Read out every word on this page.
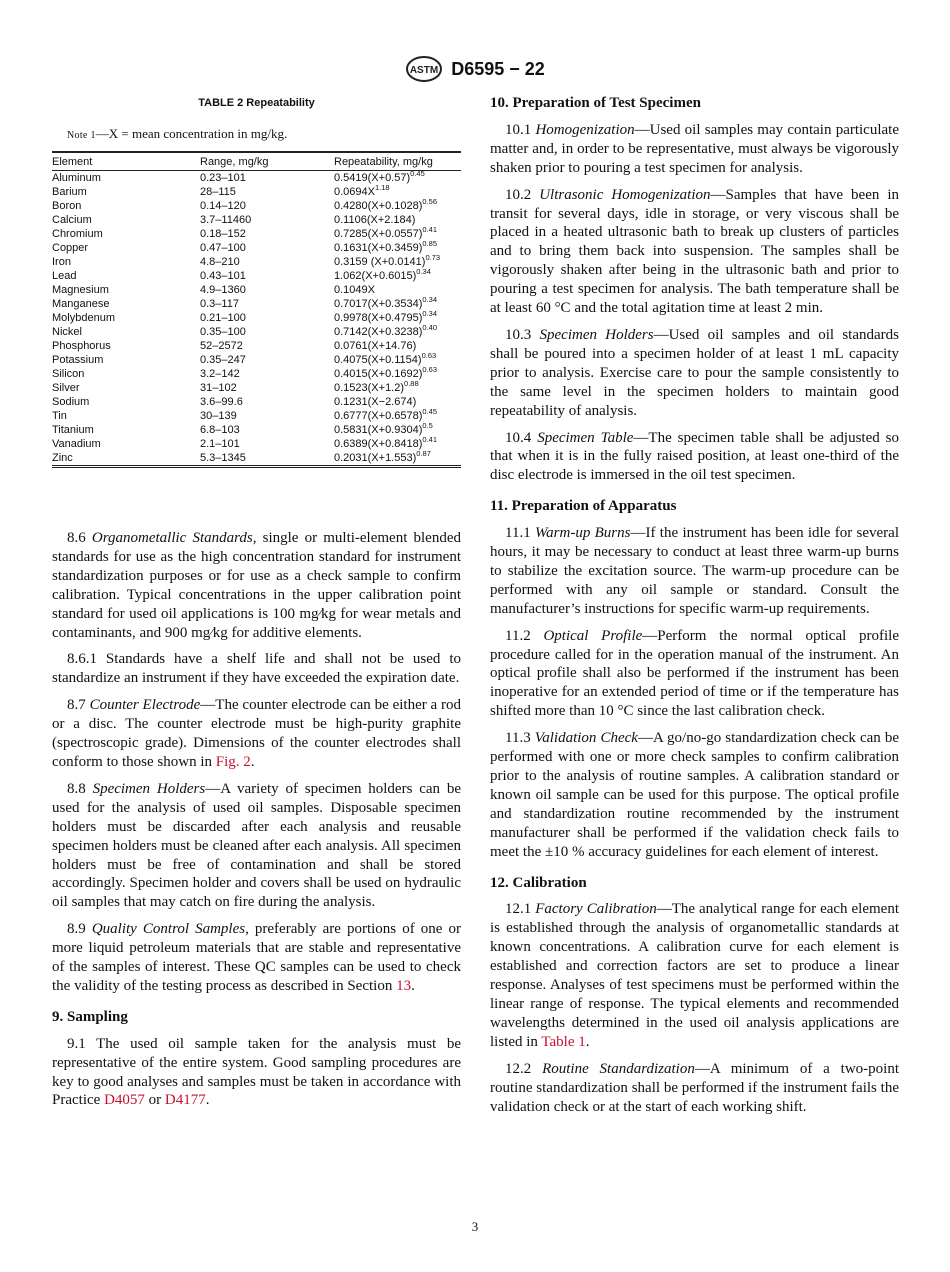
ASTM D6595 − 22
TABLE 2 Repeatability
Note 1—X = mean concentration in mg/kg.
Element	Range, mg/kg	Repeatability, mg/kg
Aluminum	0.23–101	$0.5419(X+0.57)^{0.45}$
Barium	28–115	$0.0694X^{1.18}$
Boron	0.14–120	$0.4280(X+0.1028)^{0.56}$
Calcium	3.7–11460	0.1106(X+2.184)
Chromium	0.18–152	$0.7285(X+0.0557)^{0.41}$
Copper	0.47–100	$0.1631(X+0.3459)^{0.85}$
Iron	4.8–210	0.3159 $(X+0.0141)^{0.73}$
Lead	0.43–101	$1.062(X+0.6015)^{0.34}$
Magnesium	4.9–1360	0.1049X
Manganese	0.3–117	$0.7017(X+0.3534)^{0.34}$
Molybdenum	0.21–100	$0.9978(X+0.4795)^{0.34}$
Nickel	0.35–100	$0.7142(X+0.3238)^{0.40}$
Phosphorus	52–2572	0.0761(X+14.76)
Potassium	0.35–247	$0.4075(X+0.1154)^{0.63}$
Silicon	3.2–142	$0.4015(X+0.1692)^{0.63}$
Silver	31–102	$0.1523(X+1.2)^{0.88}$
Sodium	3.6–99.6	0.1231(X−2.674)
Tin	30–139	$0.6777(X+0.6578)^{0.45}$
Titanium	6.8–103	$0.5831(X+0.9304)^{0.5}$
Vanadium	2.1–101	$0.6389(X+0.8418)^{0.41}$
Zinc	5.3–1345	$0.2031(X+1.553)^{0.87}$

8.6 Organometallic Standards, single or multi-element blended standards for use as the high concentration standard for instrument standardization purposes or for use as a check sample to confirm calibration. Typical concentrations in the upper calibration point standard for used oil applications is 100 mg⁄kg for wear metals and contaminants, and 900 mg⁄kg for additive elements.

8.6.1 Standards have a shelf life and shall not be used to standardize an instrument if they have exceeded the expiration date.

8.7 Counter Electrode—The counter electrode can be either a rod or a disc. The counter electrode must be high-purity graphite (spectroscopic grade). Dimensions of the counter electrodes shall conform to those shown in Fig. 2.

8.8 Specimen Holders—A variety of specimen holders can be used for the analysis of used oil samples. Disposable specimen holders must be discarded after each analysis and reusable specimen holders must be cleaned after each analysis. All specimen holders must be free of contamination and shall be stored accordingly. Specimen holder and covers shall be used on hydraulic oil samples that may catch on fire during the analysis.

8.9 Quality Control Samples, preferably are portions of one or more liquid petroleum materials that are stable and representative of the samples of interest. These QC samples can be used to check the validity of the testing process as described in Section 13.

9. Sampling

9.1 The used oil sample taken for the analysis must be representative of the entire system. Good sampling procedures are key to good analyses and samples must be taken in accordance with Practice D4057 or D4177.

10. Preparation of Test Specimen

10.1 Homogenization—Used oil samples may contain particulate matter and, in order to be representative, must always be vigorously shaken prior to pouring a test specimen for analysis.

10.2 Ultrasonic Homogenization—Samples that have been in transit for several days, idle in storage, or very viscous shall be placed in a heated ultrasonic bath to break up clusters of particles and to bring them back into suspension. The samples shall be vigorously shaken after being in the ultrasonic bath and prior to pouring a test specimen for analysis. The bath temperature shall be at least 60 °C and the total agitation time at least 2 min.

10.3 Specimen Holders—Used oil samples and oil standards shall be poured into a specimen holder of at least 1 mL capacity prior to analysis. Exercise care to pour the sample consistently to the same level in the specimen holders to maintain good repeatability of analysis.

10.4 Specimen Table—The specimen table shall be adjusted so that when it is in the fully raised position, at least one-third of the disc electrode is immersed in the oil test specimen.

11. Preparation of Apparatus

11.1 Warm-up Burns—If the instrument has been idle for several hours, it may be necessary to conduct at least three warm-up burns to stabilize the excitation source. The warm-up procedure can be performed with any oil sample or standard. Consult the manufacturer’s instructions for specific warm-up requirements.

11.2 Optical Profile—Perform the normal optical profile procedure called for in the operation manual of the instrument. An optical profile shall also be performed if the instrument has been inoperative for an extended period of time or if the temperature has shifted more than 10 °C since the last calibration check.

11.3 Validation Check—A go/no-go standardization check can be performed with one or more check samples to confirm calibration prior to the analysis of routine samples. A calibration standard or known oil sample can be used for this purpose. The optical profile and standardization routine recommended by the instrument manufacturer shall be performed if the validation check fails to meet the ±10 % accuracy guidelines for each element of interest.

12. Calibration

12.1 Factory Calibration—The analytical range for each element is established through the analysis of organometallic standards at known concentrations. A calibration curve for each element is established and correction factors are set to produce a linear response. Analyses of test specimens must be performed within the linear range of response. The typical elements and recommended wavelengths determined in the used oil analysis applications are listed in Table 1.

12.2 Routine Standardization—A minimum of a two-point routine standardization shall be performed if the instrument fails the validation check or at the start of each working shift.

3
